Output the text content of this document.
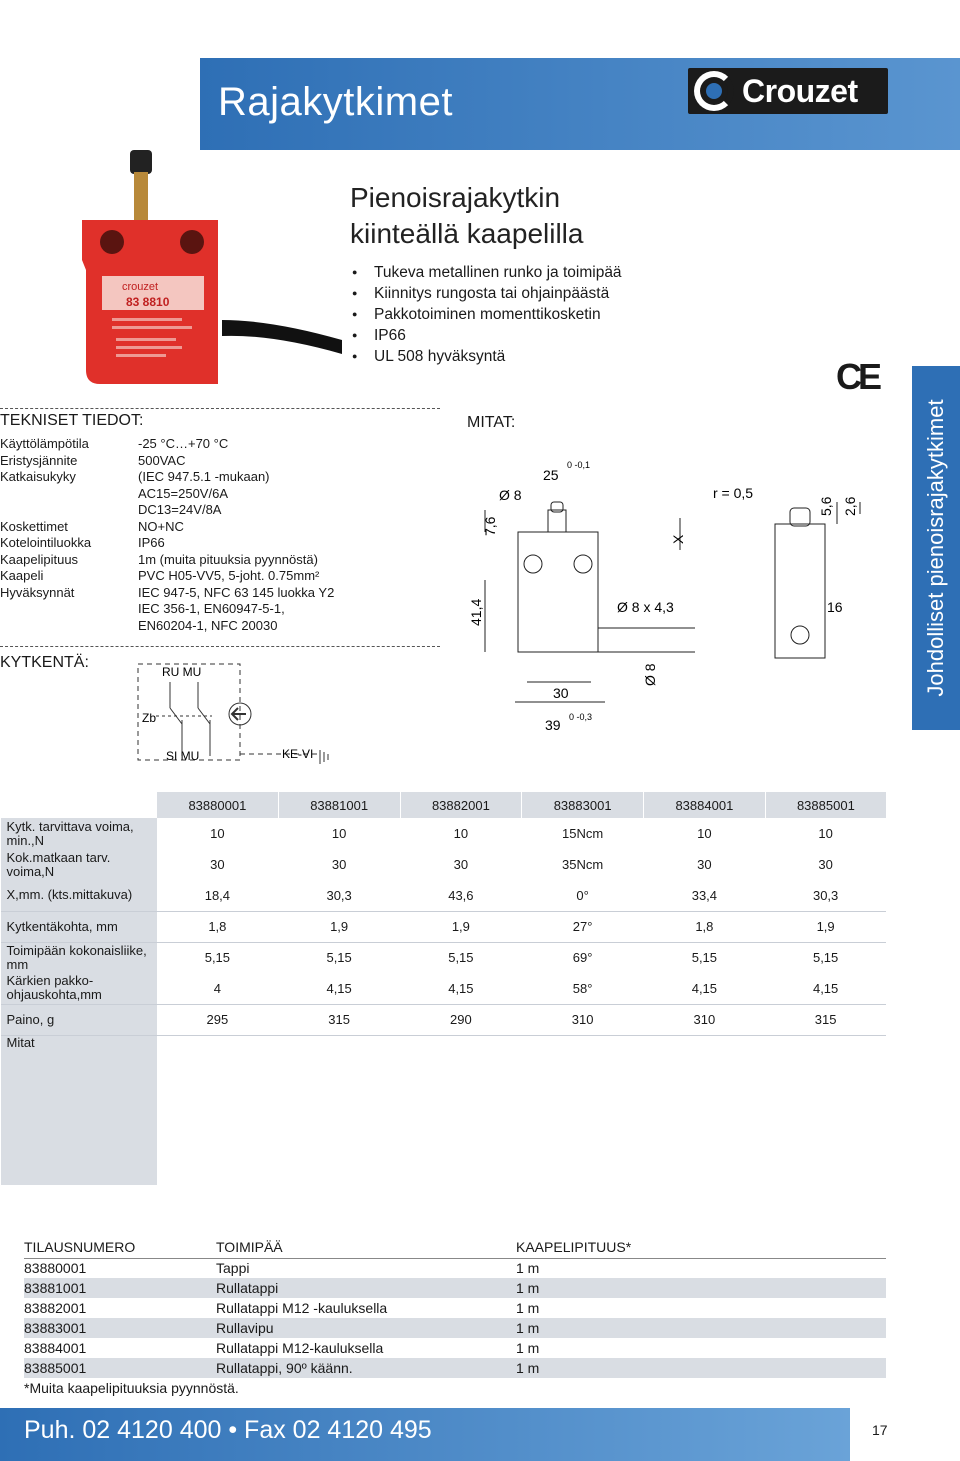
Rajakytkimet	Crouzet
crouzet
83 8810
Pienoisrajakytkin
kiinteällä kaapelilla
● Tukeva metallinen runko ja toimipää
● Kiinnitys rungosta tai ohjainpäästä
● Pakkotoiminen momenttikosketin
● IP66
● UL 508 hyväksyntä	CE
Johdolliset pienoisrajakytkimet
TEKNISET TIEDOT:
Käyttölämpötila	-25 °C…+70 °C
Eristysjännite	500VAC
Katkaisukyky	(IEC 947.5.1 -mukaan)
AC15=250V/6A
DC13=24V/8A
Koskettimet	NO+NC
Kotelointiluokka	IP66
Kaapelipituus	1m (muita pituuksia pyynnöstä)
Kaapeli	PVC H05-VV5, 5-joht. 0.75mm²
Hyväksynnät	IEC 947-5, NFC 63 145 luokka Y2
IEC 356-1, EN60947-5-1,
EN60204-1, NFC 20030
KYTKENTÄ:
RU MU
Zb
SI MU	KE-VI
MITAT:
Ø 8
25
0 -0,1
7,6
41,4	Ø 8 x 4,3
30
39 0 -0,3
Ø 8
X
r = 0,5
5,6 2,6
16
	83880001	83881001	83882001	83883001	83884001	83885001
Kytk. tarvittava voima, min.,N	10	10	10	15Ncm	10	10
Kok.matkaan tarv. voima,N	30	30	30	35Ncm	30	30
X,mm. (kts.mittakuva)	18,4	30,3	43,6	0°	33,4	30,3
Kytkentäkohta, mm	1,8	1,9	1,9	27°	1,8	1,9
Toimipään kokonaisliike, mm	5,15	5,15	5,15	69°	5,15	5,15
Kärkien pakko-ohjauskohta,mm	4	4,15	4,15	58°	4,15	4,15
Paino, g	295	315	290	310	310	315
Mitat						
TILAUSNUMERO	TOIMIPÄÄ	KAAPELIPITUUS*
83880001	Tappi	1 m
83881001	Rullatappi	1 m
83882001	Rullatappi M12 -kauluksella	1 m
83883001	Rullavipu	1 m
83884001	Rullatappi M12-kauluksella	1 m
83885001	Rullatappi, 90º käänn.	1 m
*Muita kaapelipituuksia pyynnöstä.
Puh. 02 4120 400 • Fax 02 4120 495	17
